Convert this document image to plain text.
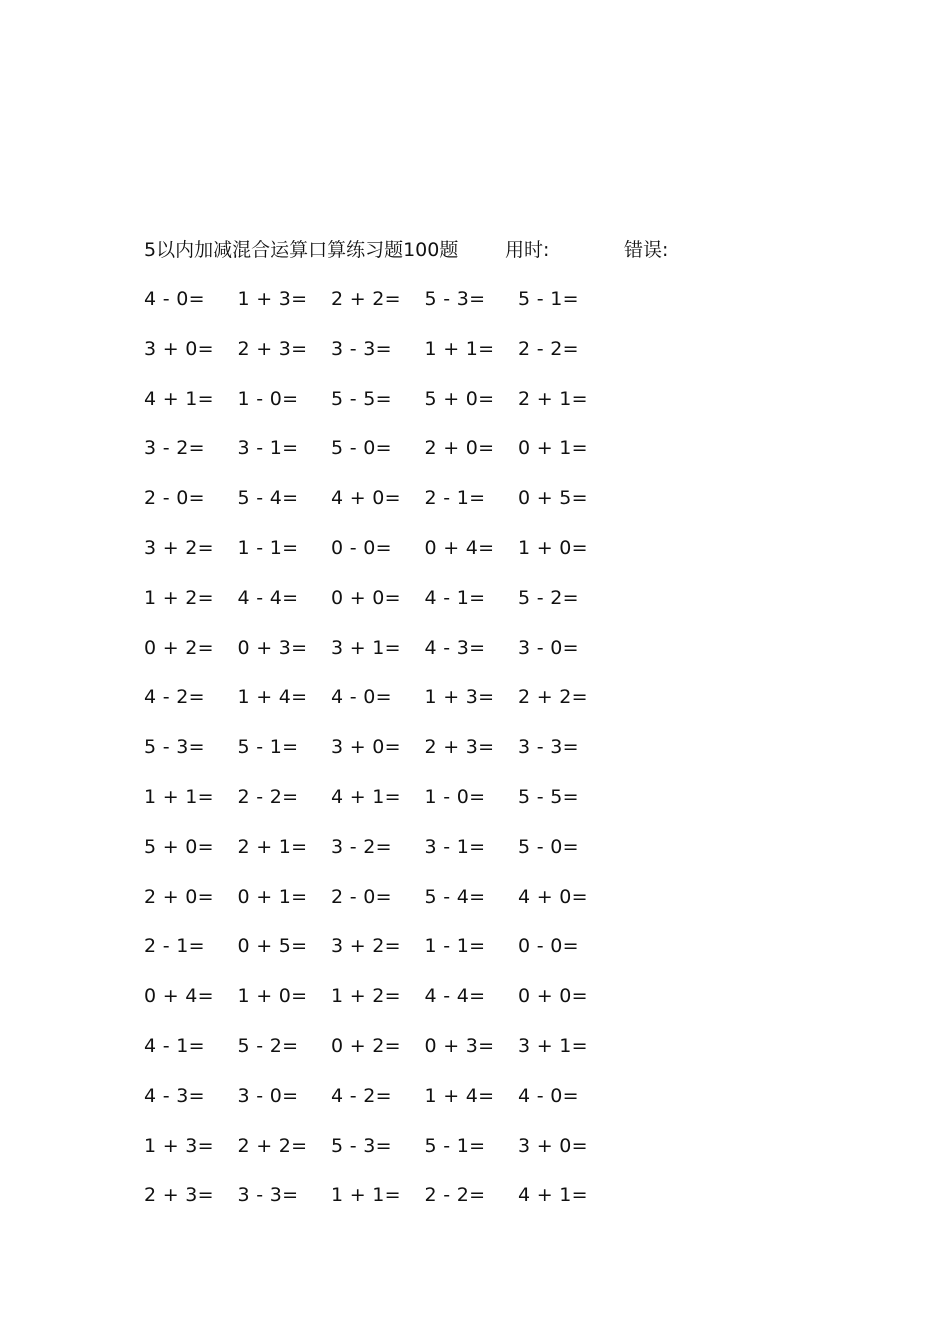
5以内加减混合运算口算练习题100题 用时:	错误:
4 - 0=	1 + 3=	2 + 2=	5 - 3=	5 - 1=
3 + 0=	2 + 3=	3 - 3=	1 + 1=	2 - 2=
4 + 1=	1 - 0=	5 - 5=	5 + 0=	2 + 1=
3 - 2=	3 - 1=	5 - 0=	2 + 0=	0 + 1=
2 - 0=	5 - 4=	4 + 0=	2 - 1=	0 + 5=
3 + 2=	1 - 1=	0 - 0=	0 + 4=	1 + 0=
1 + 2=	4 - 4=	0 + 0=	4 - 1=	5 - 2=
0 + 2=	0 + 3=	3 + 1=	4 - 3=	3 - 0=
4 - 2=	1 + 4=	4 - 0=	1 + 3=	2 + 2=
5 - 3=	5 - 1=	3 + 0=	2 + 3=	3 - 3=
1 + 1=	2 - 2=	4 + 1=	1 - 0=	5 - 5=
5 + 0=	2 + 1=	3 - 2=	3 - 1=	5 - 0=
2 + 0=	0 + 1=	2 - 0=	5 - 4=	4 + 0=
2 - 1=	0 + 5=	3 + 2=	1 - 1=	0 - 0=
0 + 4=	1 + 0=	1 + 2=	4 - 4=	0 + 0=
4 - 1=	5 - 2=	0 + 2=	0 + 3=	3 + 1=
4 - 3=	3 - 0=	4 - 2=	1 + 4=	4 - 0=
1 + 3=	2 + 2=	5 - 3=	5 - 1=	3 + 0=
2 + 3=	3 - 3=	1 + 1=	2 - 2=	4 + 1=
